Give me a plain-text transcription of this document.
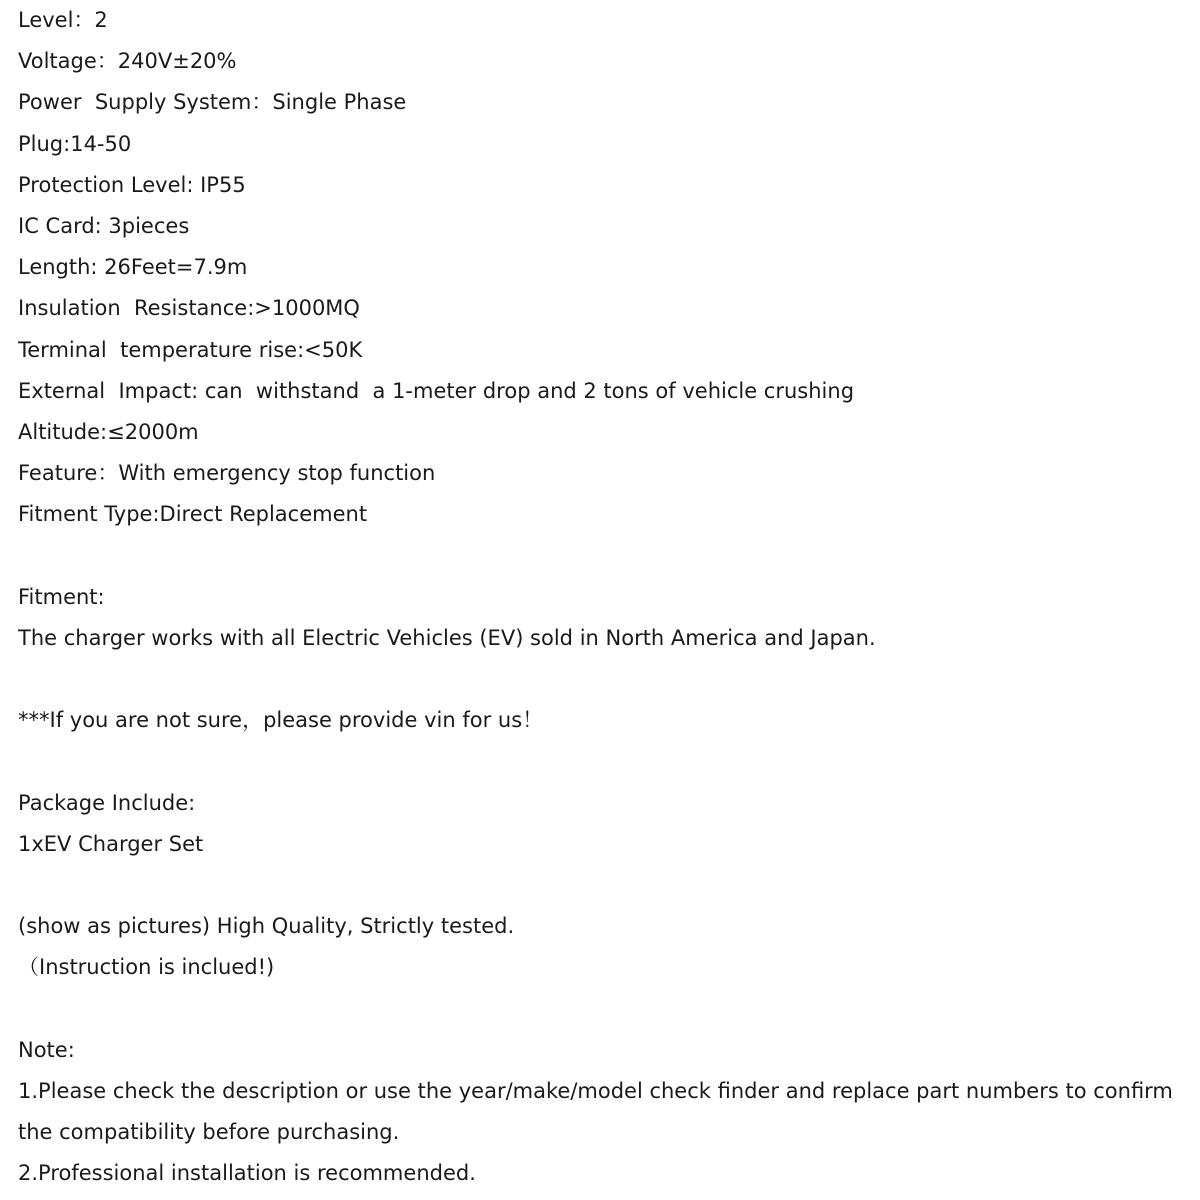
Level：2
Voltage：240V±20%
Power  Supply System：Single Phase
Plug:14-50
Protection Level: IP55
IC Card: 3pieces
Length: 26Feet=7.9m
Insulation  Resistance:>1000MQ
Terminal  temperature rise:<50K
External  Impact: can  withstand  a 1-meter drop and 2 tons of vehicle crushing
Altitude:≤2000m
Feature：With emergency stop function
Fitment Type:Direct Replacement
Fitment:
The charger works with all Electric Vehicles (EV) sold in North America and Japan.
***If you are not sure，please provide vin for us！
Package Include:
1xEV Charger Set
(show as pictures) High Quality, Strictly tested.
（Instruction is inclued!)
Note:
1.Please check the description or use the year/make/model check finder and replace part numbers to confirm
the compatibility before purchasing.
2.Professional installation is recommended.
